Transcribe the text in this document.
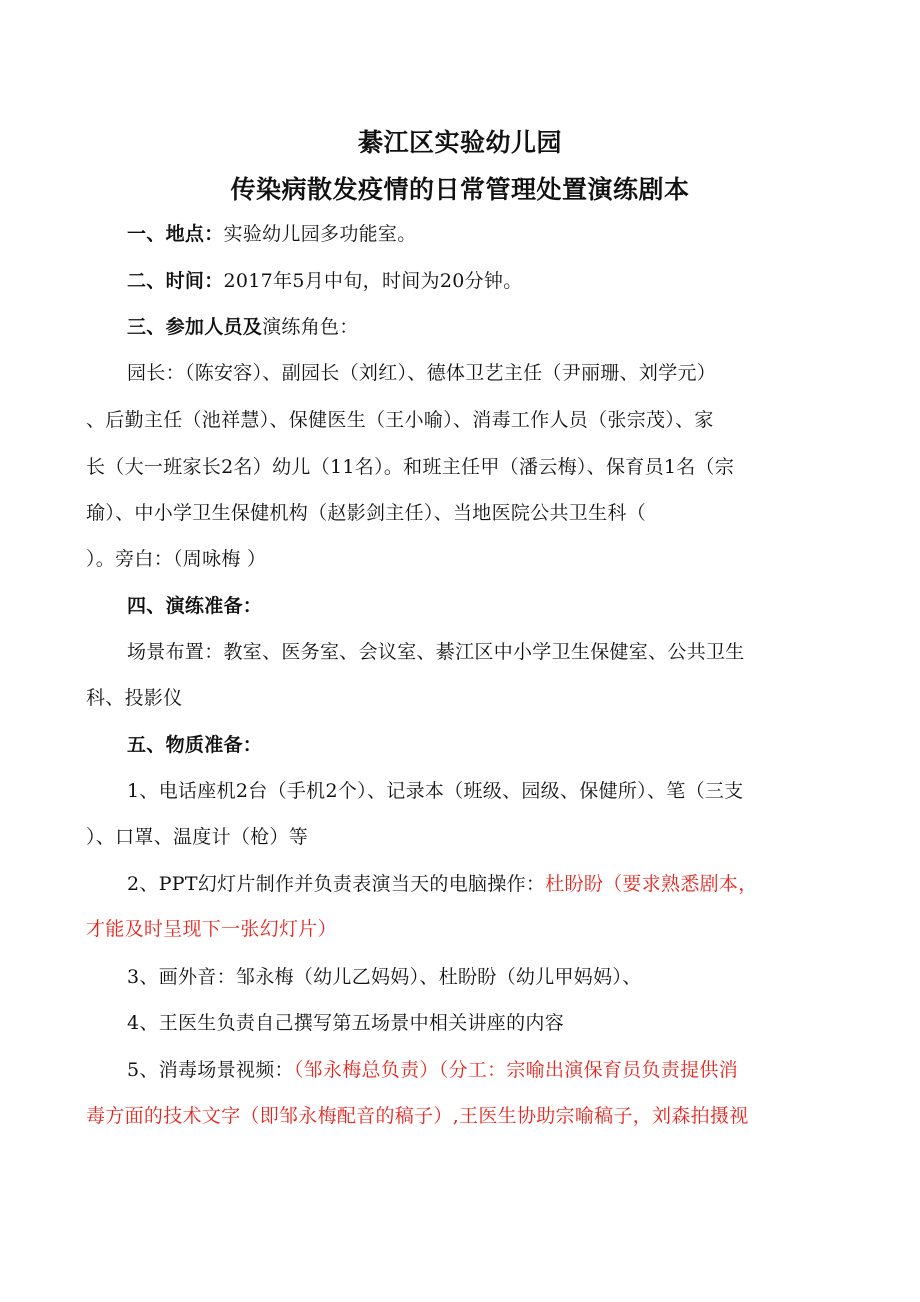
綦江区实验幼儿园
传染病散发疫情的日常管理处置演练剧本
一、地点：实验幼儿园多功能室。
二、时间：2017年5月中旬，时间为20分钟。
三、参加人员及演练角色：
园长：（陈安容）、副园长（刘红）、德体卫艺主任（尹丽珊、刘学元）
、后勤主任（池祥慧）、保健医生（王小喻）、消毒工作人员（张宗茂）、家
长（大一班家长2名）幼儿（11名）。和班主任甲（潘云梅）、保育员1名（宗
瑜）、中小学卫生保健机构（赵影剑主任）、当地医院公共卫生科（
）。旁白：（周咏梅 ）
四、演练准备：
场景布置：教室、医务室、会议室、綦江区中小学卫生保健室、公共卫生
科、投影仪
五、物质准备：
1、电话座机2台（手机2个）、记录本（班级、园级、保健所）、笔（三支
）、口罩、温度计（枪）等
2、PPT幻灯片制作并负责表演当天的电脑操作：杜盼盼（要求熟悉剧本，
才能及时呈现下一张幻灯片）
3、画外音：邹永梅（幼儿乙妈妈）、杜盼盼（幼儿甲妈妈）、
4、王医生负责自己撰写第五场景中相关讲座的内容
5、消毒场景视频：（邹永梅总负责）（分工：宗喻出演保育员负责提供消
毒方面的技术文字（即邹永梅配音的稿子）,王医生协助宗喻稿子，刘森拍摄视
